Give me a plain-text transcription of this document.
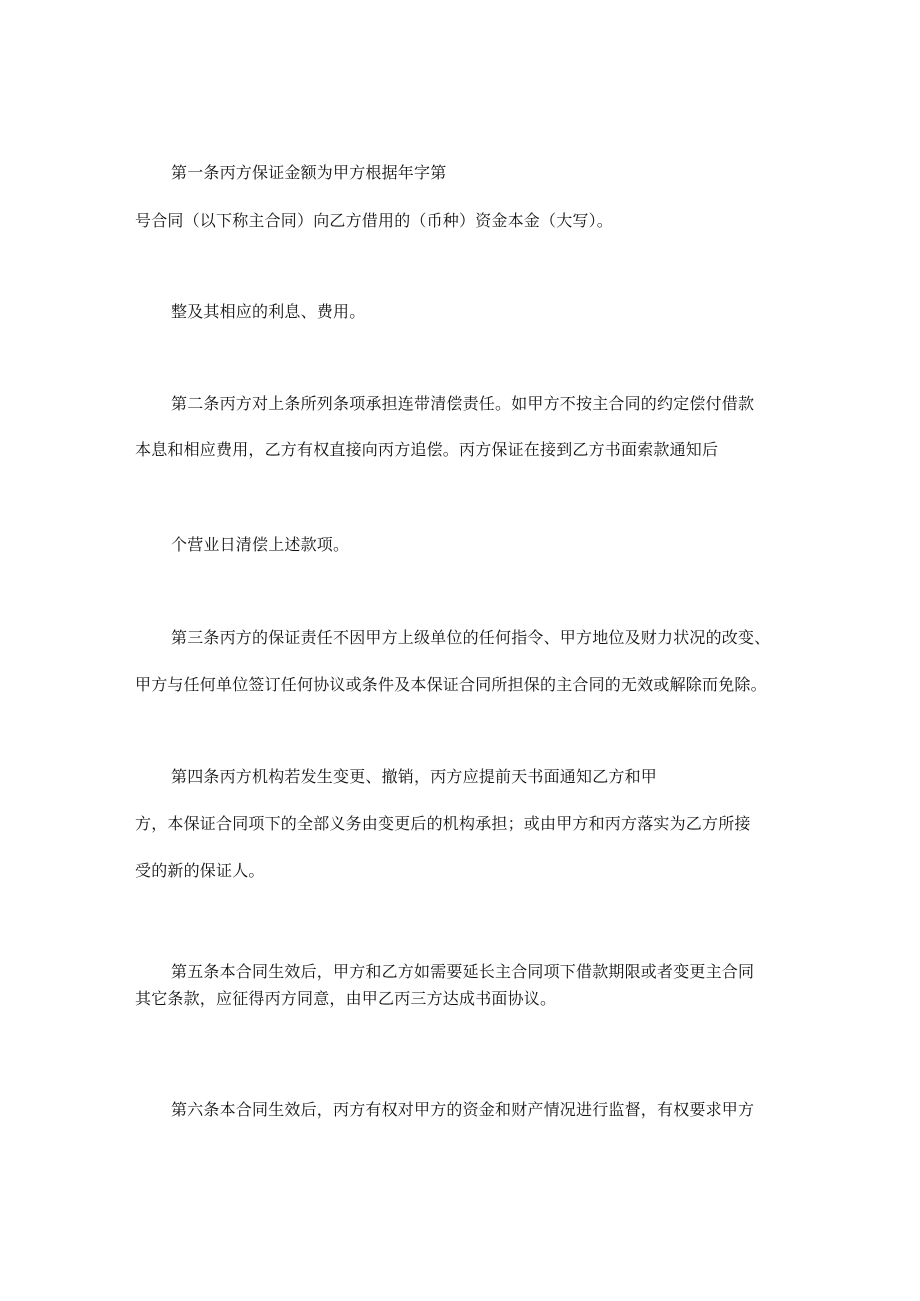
第一条丙方保证金额为甲方根据年字第

号合同（以下称主合同）向乙方借用的（币种）资金本金（大写）。

整及其相应的利息、费用。

第二条丙方对上条所列条项承担连带清偿责任。如甲方不按主合同的约定偿付借款

本息和相应费用，乙方有权直接向丙方追偿。丙方保证在接到乙方书面索款通知后

个营业日清偿上述款项。

第三条丙方的保证责任不因甲方上级单位的任何指令、甲方地位及财力状况的改变、

甲方与任何单位签订任何协议或条件及本保证合同所担保的主合同的无效或解除而免除。

第四条丙方机构若发生变更、撤销，丙方应提前天书面通知乙方和甲

方，本保证合同项下的全部义务由变更后的机构承担；或由甲方和丙方落实为乙方所接

受的新的保证人。

第五条本合同生效后，甲方和乙方如需要延长主合同项下借款期限或者变更主合同

其它条款，应征得丙方同意，由甲乙丙三方达成书面协议。

第六条本合同生效后，丙方有权对甲方的资金和财产情况进行监督，有权要求甲方
